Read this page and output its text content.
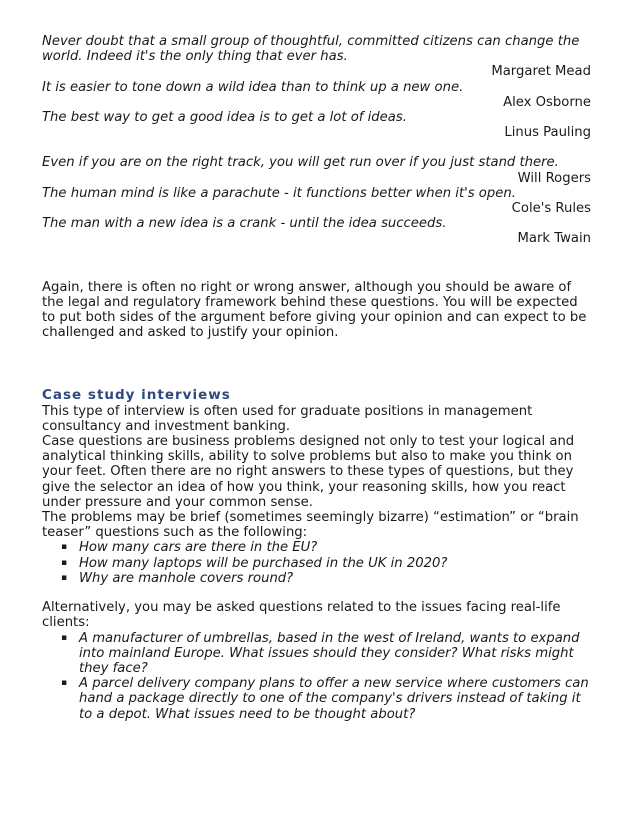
Never doubt that a small group of thoughtful, committed citizens can change the world. Indeed it's the only thing that ever has.
Margaret Mead
It is easier to tone down a wild idea than to think up a new one.
Alex Osborne
The best way to get a good idea is to get a lot of ideas.
Linus Pauling
Even if you are on the right track, you will get run over if you just stand there.
Will Rogers
The human mind is like a parachute - it functions better when it's open.
Cole's Rules
The man with a new idea is a crank - until the idea succeeds.
Mark Twain

Again, there is often no right or wrong answer, although you should be aware of the legal and regulatory framework behind these questions. You will be expected to put both sides of the argument before giving your opinion and can expect to be challenged and asked to justify your opinion.

Case study interviews

This type of interview is often used for graduate positions in management consultancy and investment banking.

Case questions are business problems designed not only to test your logical and analytical thinking skills, ability to solve problems but also to make you think on your feet. Often there are no right answers to these types of questions, but they give the selector an idea of how you think, your reasoning skills, how you react under pressure and your common sense.

The problems may be brief (sometimes seemingly bizarre) “estimation” or “brain teaser” questions such as the following:

▪ How many cars are there in the EU?
▪ How many laptops will be purchased in the UK in 2020?
▪ Why are manhole covers round?

Alternatively, you may be asked questions related to the issues facing real-life clients:

▪ A manufacturer of umbrellas, based in the west of Ireland, wants to expand into mainland Europe. What issues should they consider? What risks might they face?
▪ A parcel delivery company plans to offer a new service where customers can hand a package directly to one of the company's drivers instead of taking it to a depot. What issues need to be thought about?
